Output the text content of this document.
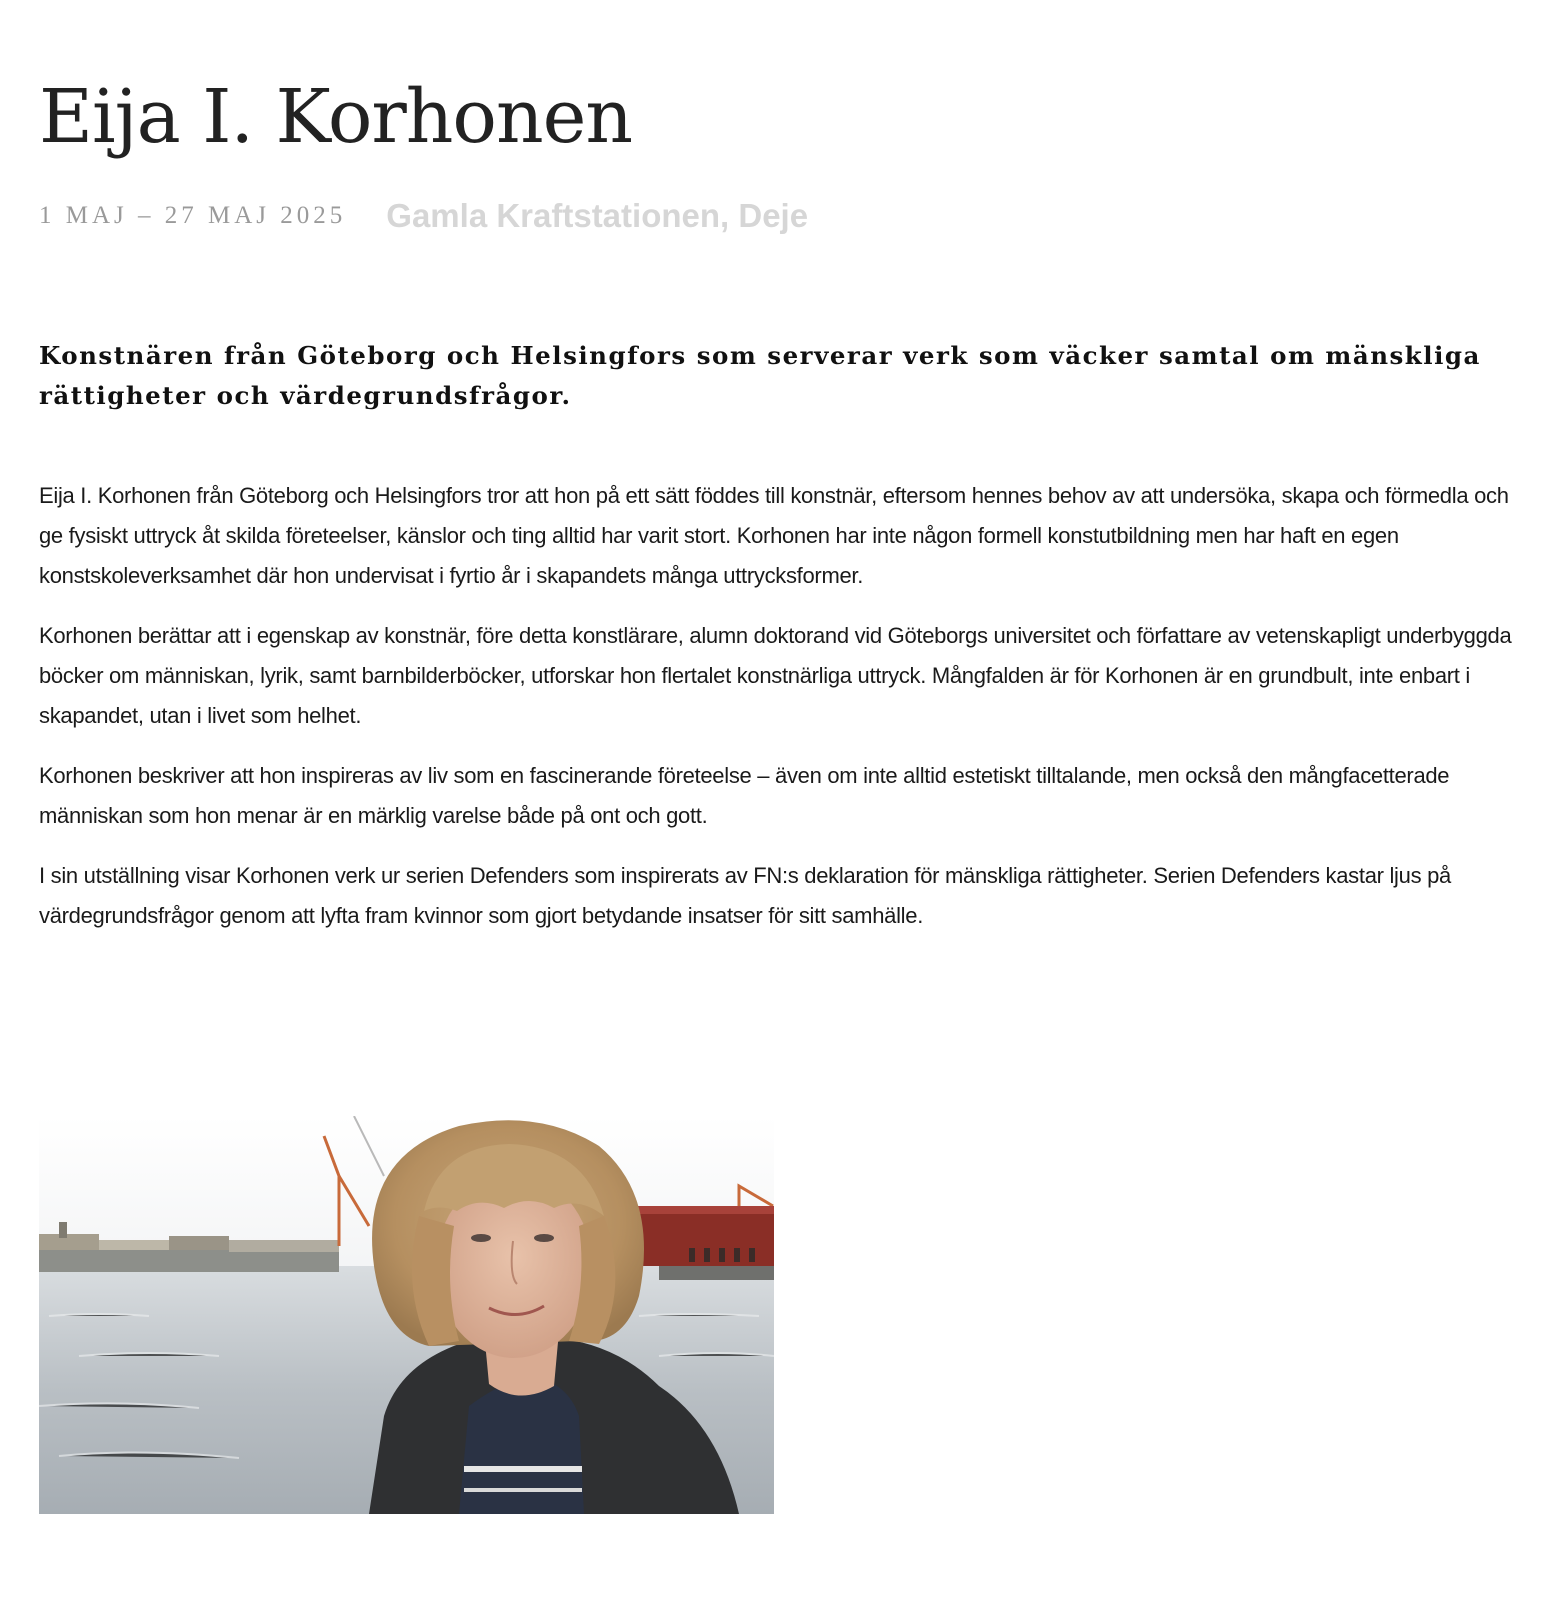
Eija I. Korhonen
1 MAJ – 27 MAJ 2025 Gamla Kraftstationen, Deje

Konstnären från Göteborg och Helsingfors som serverar verk som väcker samtal om mänskliga rättigheter och värdegrundsfrågor.

Eija I. Korhonen från Göteborg och Helsingfors tror att hon på ett sätt föddes till konstnär, eftersom hennes behov av att undersöka, skapa och förmedla och ge fysiskt uttryck åt skilda företeelser, känslor och ting alltid har varit stort. Korhonen har inte någon formell konstutbildning men har haft en egen konstskoleverksamhet där hon undervisat i fyrtio år i skapandets många uttrycksformer.

Korhonen berättar att i egenskap av konstnär, före detta konstlärare, alumn doktorand vid Göteborgs universitet och författare av vetenskapligt underbyggda böcker om människan, lyrik, samt barnbilderböcker, utforskar hon flertalet konstnärliga uttryck. Mångfalden är för Korhonen är en grundbult, inte enbart i skapandet, utan i livet som helhet.

Korhonen beskriver att hon inspireras av liv som en fascinerande företeelse – även om inte alltid estetiskt tilltalande, men också den mångfacetterade människan som hon menar är en märklig varelse både på ont och gott.

I sin utställning visar Korhonen verk ur serien Defenders som inspirerats av FN:s deklaration för mänskliga rättigheter. Serien Defenders kastar ljus på värdegrundsfrågor genom att lyfta fram kvinnor som gjort betydande insatser för sitt samhälle.
